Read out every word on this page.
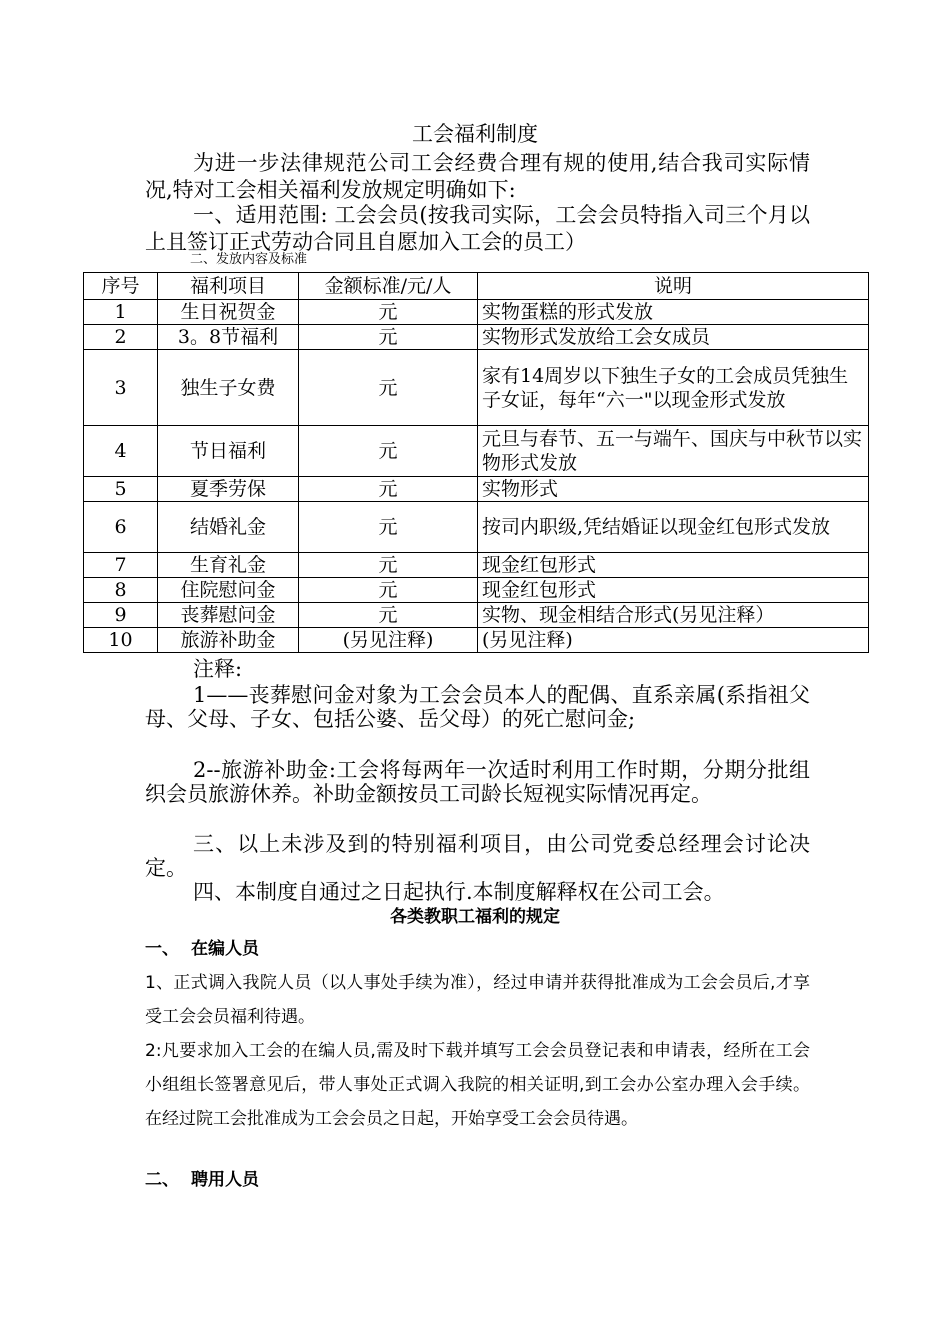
工会福利制度
为进一步法律规范公司工会经费合理有规的使用,结合我司实际情况,特对工会相关福利发放规定明确如下:
一、适用范围: 工会会员(按我司实际，工会会员特指入司三个月以上且签订正式劳动合同且自愿加入工会的员工）
二、发放内容及标准
序号	福利项目	金额标准/元/人	说明
1	生日祝贺金	元	实物蛋糕的形式发放
2	3。8节福利	元	实物形式发放给工会女成员
3	独生子女费	元	家有14周岁以下独生子女的工会成员凭独生子女证，每年“六一"以现金形式发放
4	节日福利	元	元旦与春节、五一与端午、国庆与中秋节以实物形式发放
5	夏季劳保	元	实物形式
6	结婚礼金	元	按司内职级,凭结婚证以现金红包形式发放
7	生育礼金	元	现金红包形式
8	住院慰问金	元	现金红包形式
9	丧葬慰问金	元	实物、现金相结合形式(另见注释）
10	旅游补助金	(另见注释)	(另见注释)
注释:
1——丧葬慰问金对象为工会会员本人的配偶、直系亲属(系指祖父母、父母、子女、包括公婆、岳父母）的死亡慰问金;
2--旅游补助金:工会将每两年一次适时利用工作时期，分期分批组织会员旅游休养。补助金额按员工司龄长短视实际情况再定。
三、以上未涉及到的特别福利项目，由公司党委总经理会讨论决定。
四、本制度自通过之日起执行.本制度解释权在公司工会。
各类教职工福利的规定
一、 在编人员
1、正式调入我院人员（以人事处手续为准），经过申请并获得批准成为工会会员后,才享受工会会员福利待遇。
2:凡要求加入工会的在编人员,需及时下载并填写工会会员登记表和申请表，经所在工会小组组长签署意见后，带人事处正式调入我院的相关证明,到工会办公室办理入会手续。在经过院工会批准成为工会会员之日起，开始享受工会会员待遇。
二、 聘用人员
